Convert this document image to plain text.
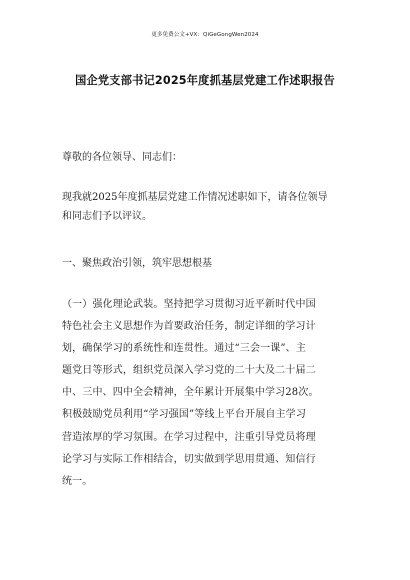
更多免费公文+VX：QiGeGongWen2024
国企党支部书记2025年度抓基层党建工作述职报告
尊敬的各位领导、同志们：
现我就2025年度抓基层党建工作情况述职如下，请各位领导
和同志们予以评议。
一、聚焦政治引领，筑牢思想根基
（一）强化理论武装。坚持把学习贯彻习近平新时代中国
特色社会主义思想作为首要政治任务，制定详细的学习计
划，确保学习的系统性和连贯性。通过“三会一课”、主
题党日等形式，组织党员深入学习党的二十大及二十届二
中、三中、四中全会精神，全年累计开展集中学习28次。
积极鼓励党员利用“学习强国”等线上平台开展自主学习
营造浓厚的学习氛围。在学习过程中，注重引导党员将理
论学习与实际工作相结合，切实做到学思用贯通、知信行
统一。
